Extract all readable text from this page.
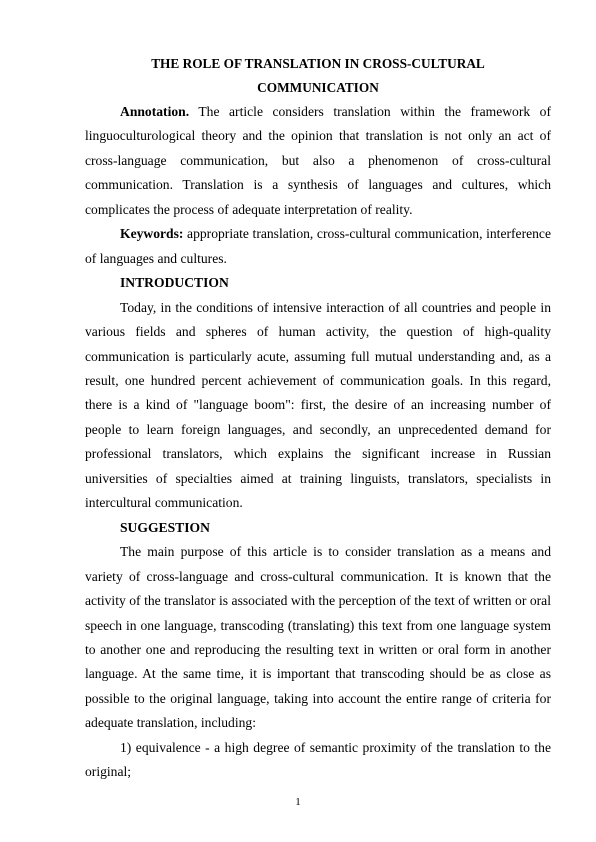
THE ROLE OF TRANSLATION IN CROSS-CULTURAL
COMMUNICATION

Annotation. The article considers translation within the framework of linguoculturological theory and the opinion that translation is not only an act of cross-language communication, but also a phenomenon of cross-cultural communication. Translation is a synthesis of languages and cultures, which complicates the process of adequate interpretation of reality.

Keywords: appropriate translation, cross-cultural communication, interference of languages and cultures.

INTRODUCTION

Today, in the conditions of intensive interaction of all countries and people in various fields and spheres of human activity, the question of high-quality communication is particularly acute, assuming full mutual understanding and, as a result, one hundred percent achievement of communication goals. In this regard, there is a kind of "language boom": first, the desire of an increasing number of people to learn foreign languages, and secondly, an unprecedented demand for professional translators, which explains the significant increase in Russian universities of specialties aimed at training linguists, translators, specialists in intercultural communication.

SUGGESTION

The main purpose of this article is to consider translation as a means and variety of cross-language and cross-cultural communication. It is known that the activity of the translator is associated with the perception of the text of written or oral speech in one language, transcoding (translating) this text from one language system to another one and reproducing the resulting text in written or oral form in another language. At the same time, it is important that transcoding should be as close as possible to the original language, taking into account the entire range of criteria for adequate translation, including:

1) equivalence - a high degree of semantic proximity of the translation to the original;

1
